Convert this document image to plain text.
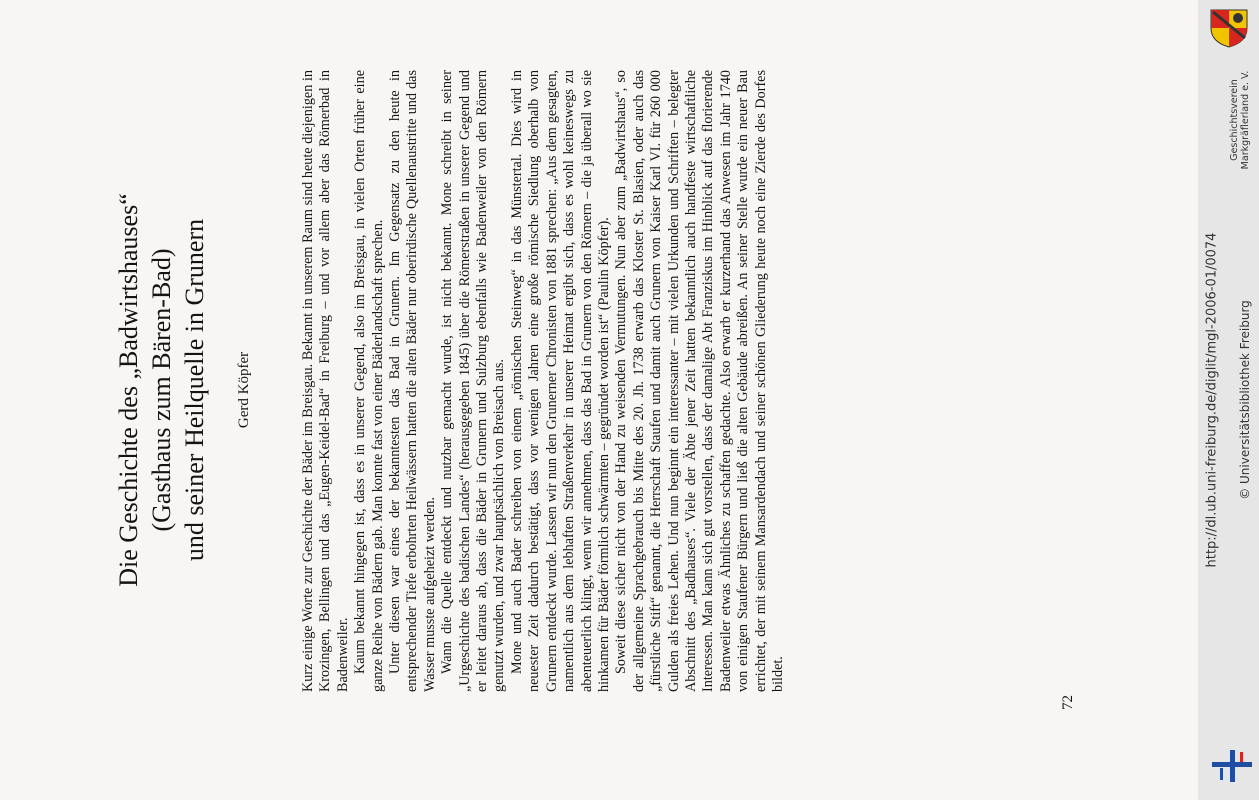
Die Geschichte des „Badwirtshauses“ (Gasthaus zum Bären-Bad) und seiner Heilquelle in Grunern Gerd Köpfer	Kurz einige Worte zur Geschichte der Bäder im Breisgau. Bekannt in unserem Raum sind heute diejenigen in Krozingen, Bellingen und das „Eugen-Keidel-Bad“ in Freiburg – und vor allem aber das Römerbad in Badenweiler. Kaum bekannt hingegen ist, dass es in unserer Gegend, also im Breisgau, in vielen Orten früher eine ganze Reihe von Bädern gab. Man konnte fast von einer Bäderlandschaft sprechen. Unter diesen war eines der bekanntesten das Bad in Grunern. Im Gegensatz zu den heute in entsprechender Tiefe erbohrten Heilwässern hatten die alten Bäder nur oberirdische Quellenaustritte und das Wasser musste aufgeheizt werden. Wann die Quelle entdeckt und nutzbar gemacht wurde, ist nicht bekannt. Mone schreibt in seiner „Urgeschichte des badischen Landes“ (herausgegeben 1845) über die Römerstraßen in unserer Gegend und er leitet daraus ab, dass die Bäder in Grunern und Sulzburg ebenfalls wie Badenweiler von den Römern genutzt wurden, und zwar hauptsächlich von Breisach aus. Mone und auch Bader schreiben von einem „römischen Steinweg“ in das Münstertal. Dies wird in neuester Zeit dadurch bestätigt, dass vor wenigen Jahren eine große römische Siedlung oberhalb von Grunern entdeckt wurde. Lassen wir nun den Grunerner Chronisten von 1881 sprechen: „Aus dem gesagten, namentlich aus dem lebhaften Straßenverkehr in unserer Heimat ergibt sich, dass es wohl keineswegs zu abenteuerlich klingt, wenn wir annehmen, dass das Bad in Grunern von den Römern – die ja überall wo sie hinkamen für Bäder förmlich schwärmten – gegründet worden ist“ (Paulin Köpfer). Soweit diese sicher nicht von der Hand zu weisenden Vermutungen. Nun aber zum „Badwirtshaus“, so der allgemeine Sprachgebrauch bis Mitte des 20. Jh. 1738 erwarb das Kloster St. Blasien, oder auch das „fürstliche Stift“ genannt, die Herrschaft Staufen und damit auch Grunern von Kaiser Karl VI. für 260 000 Gulden als freies Lehen. Und nun beginnt ein interessanter – mit vielen Urkunden und Schriften – belegter Abschnitt des „Badhauses“. Viele der Äbte jener Zeit hatten bekanntlich auch handfeste wirtschaftliche Interessen. Man kann sich gut vorstellen, dass der damalige Abt Franziskus im Hinblick auf das florierende Badenweiler etwas Ähnliches zu schaffen gedachte. Also erwarb er kurzerhand das Anwesen im Jahr 1740 von einigen Staufener Bürgern und ließ die alten Gebäude abreißen. An seiner Stelle wurde ein neuer Bau errichtet, der mit seinem Mansardendach und seiner schönen Gliederung heute noch eine Zierde des Dorfes bildet.

72
Geschichtsverein Markgräflerland e. V.
http://dl.ub.uni-freiburg.de/diglit/mgl-2006-01/0074 © Universitätsbibliothek Freiburg
